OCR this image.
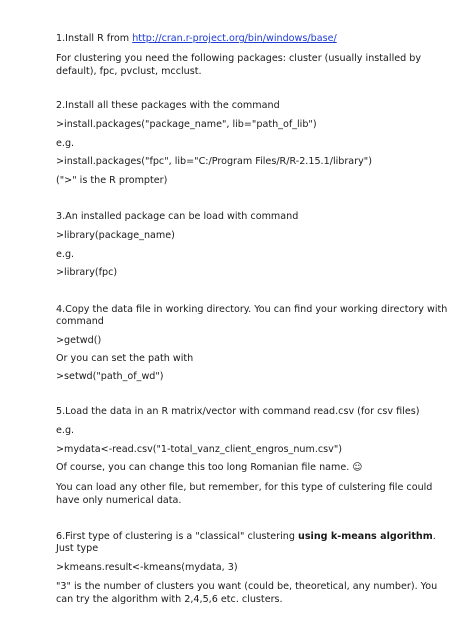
1.Install R from http://cran.r-project.org/bin/windows/base/
For clustering you need the following packages: cluster (usually installed by
default), fpc, pvclust, mcclust.
2.Install all these packages with the command
>install.packages("package_name", lib="path_of_lib")
e.g.
>install.packages("fpc", lib="C:/Program Files/R/R-2.15.1/library")
(">" is the R prompter)
3.An installed package can be load with command
>library(package_name)
e.g.
>library(fpc)
4.Copy the data file in working directory. You can find your working directory with
command
>getwd()
Or you can set the path with
>setwd("path_of_wd")
5.Load the data in an R matrix/vector with command read.csv (for csv files)
e.g.
>mydata<-read.csv("1-total_vanz_client_engros_num.csv")
Of course, you can change this too long Romanian file name. ☺
You can load any other file, but remember, for this type of culstering file could
have only numerical data.
6.First type of clustering is a "classical" clustering using k-means algorithm.
Just type
>kmeans.result<-kmeans(mydata, 3)
"3" is the number of clusters you want (could be, theoretical, any number). You
can try the algorithm with 2,4,5,6 etc. clusters.
